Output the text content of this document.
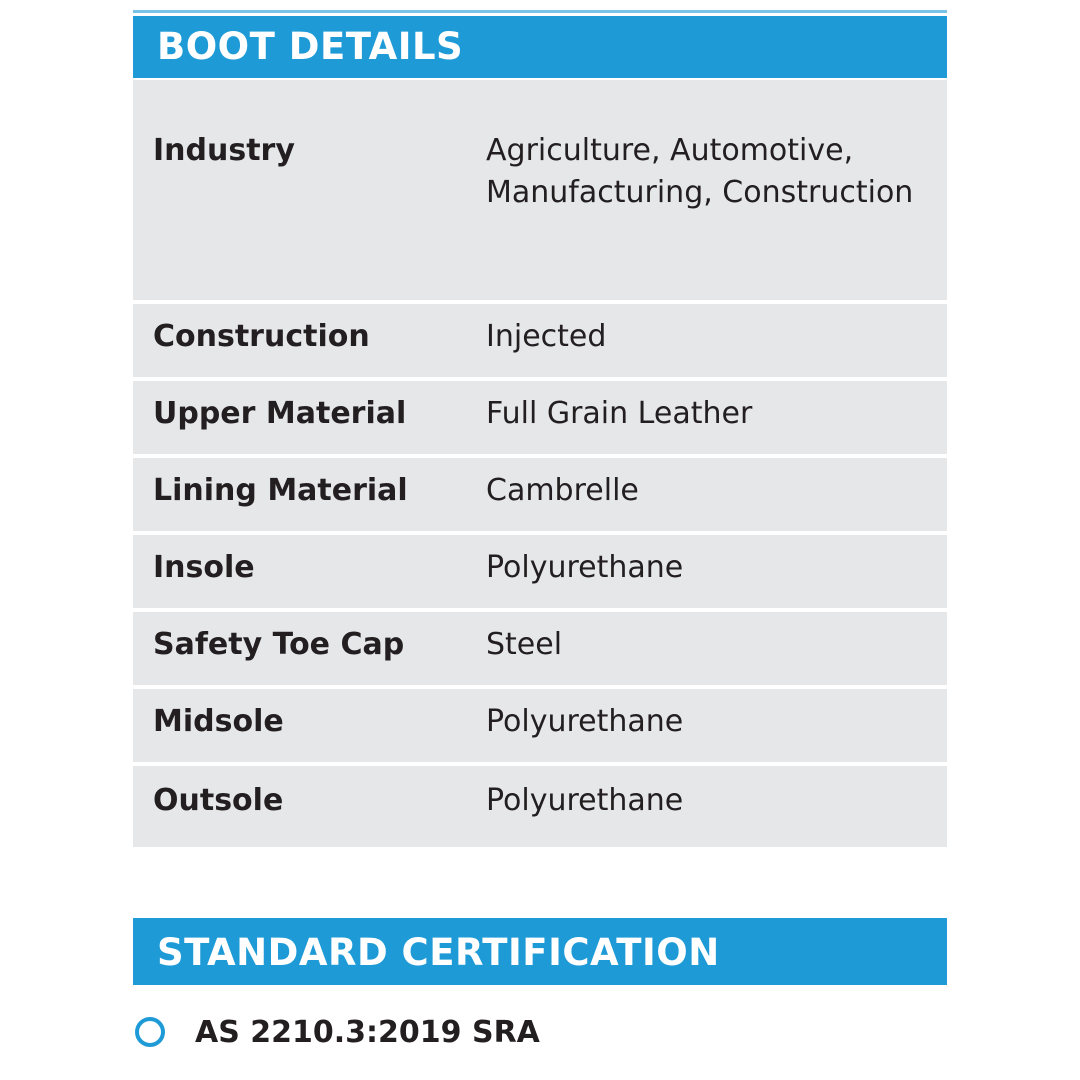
BOOT DETAILS
Industry	Agriculture, Automotive, Manufacturing, Construction
Construction	Injected
Upper Material	Full Grain Leather
Lining Material	Cambrelle
Insole	Polyurethane
Safety Toe Cap	Steel
Midsole	Polyurethane
Outsole	Polyurethane
STANDARD CERTIFICATION
AS 2210.3:2019 SRA
